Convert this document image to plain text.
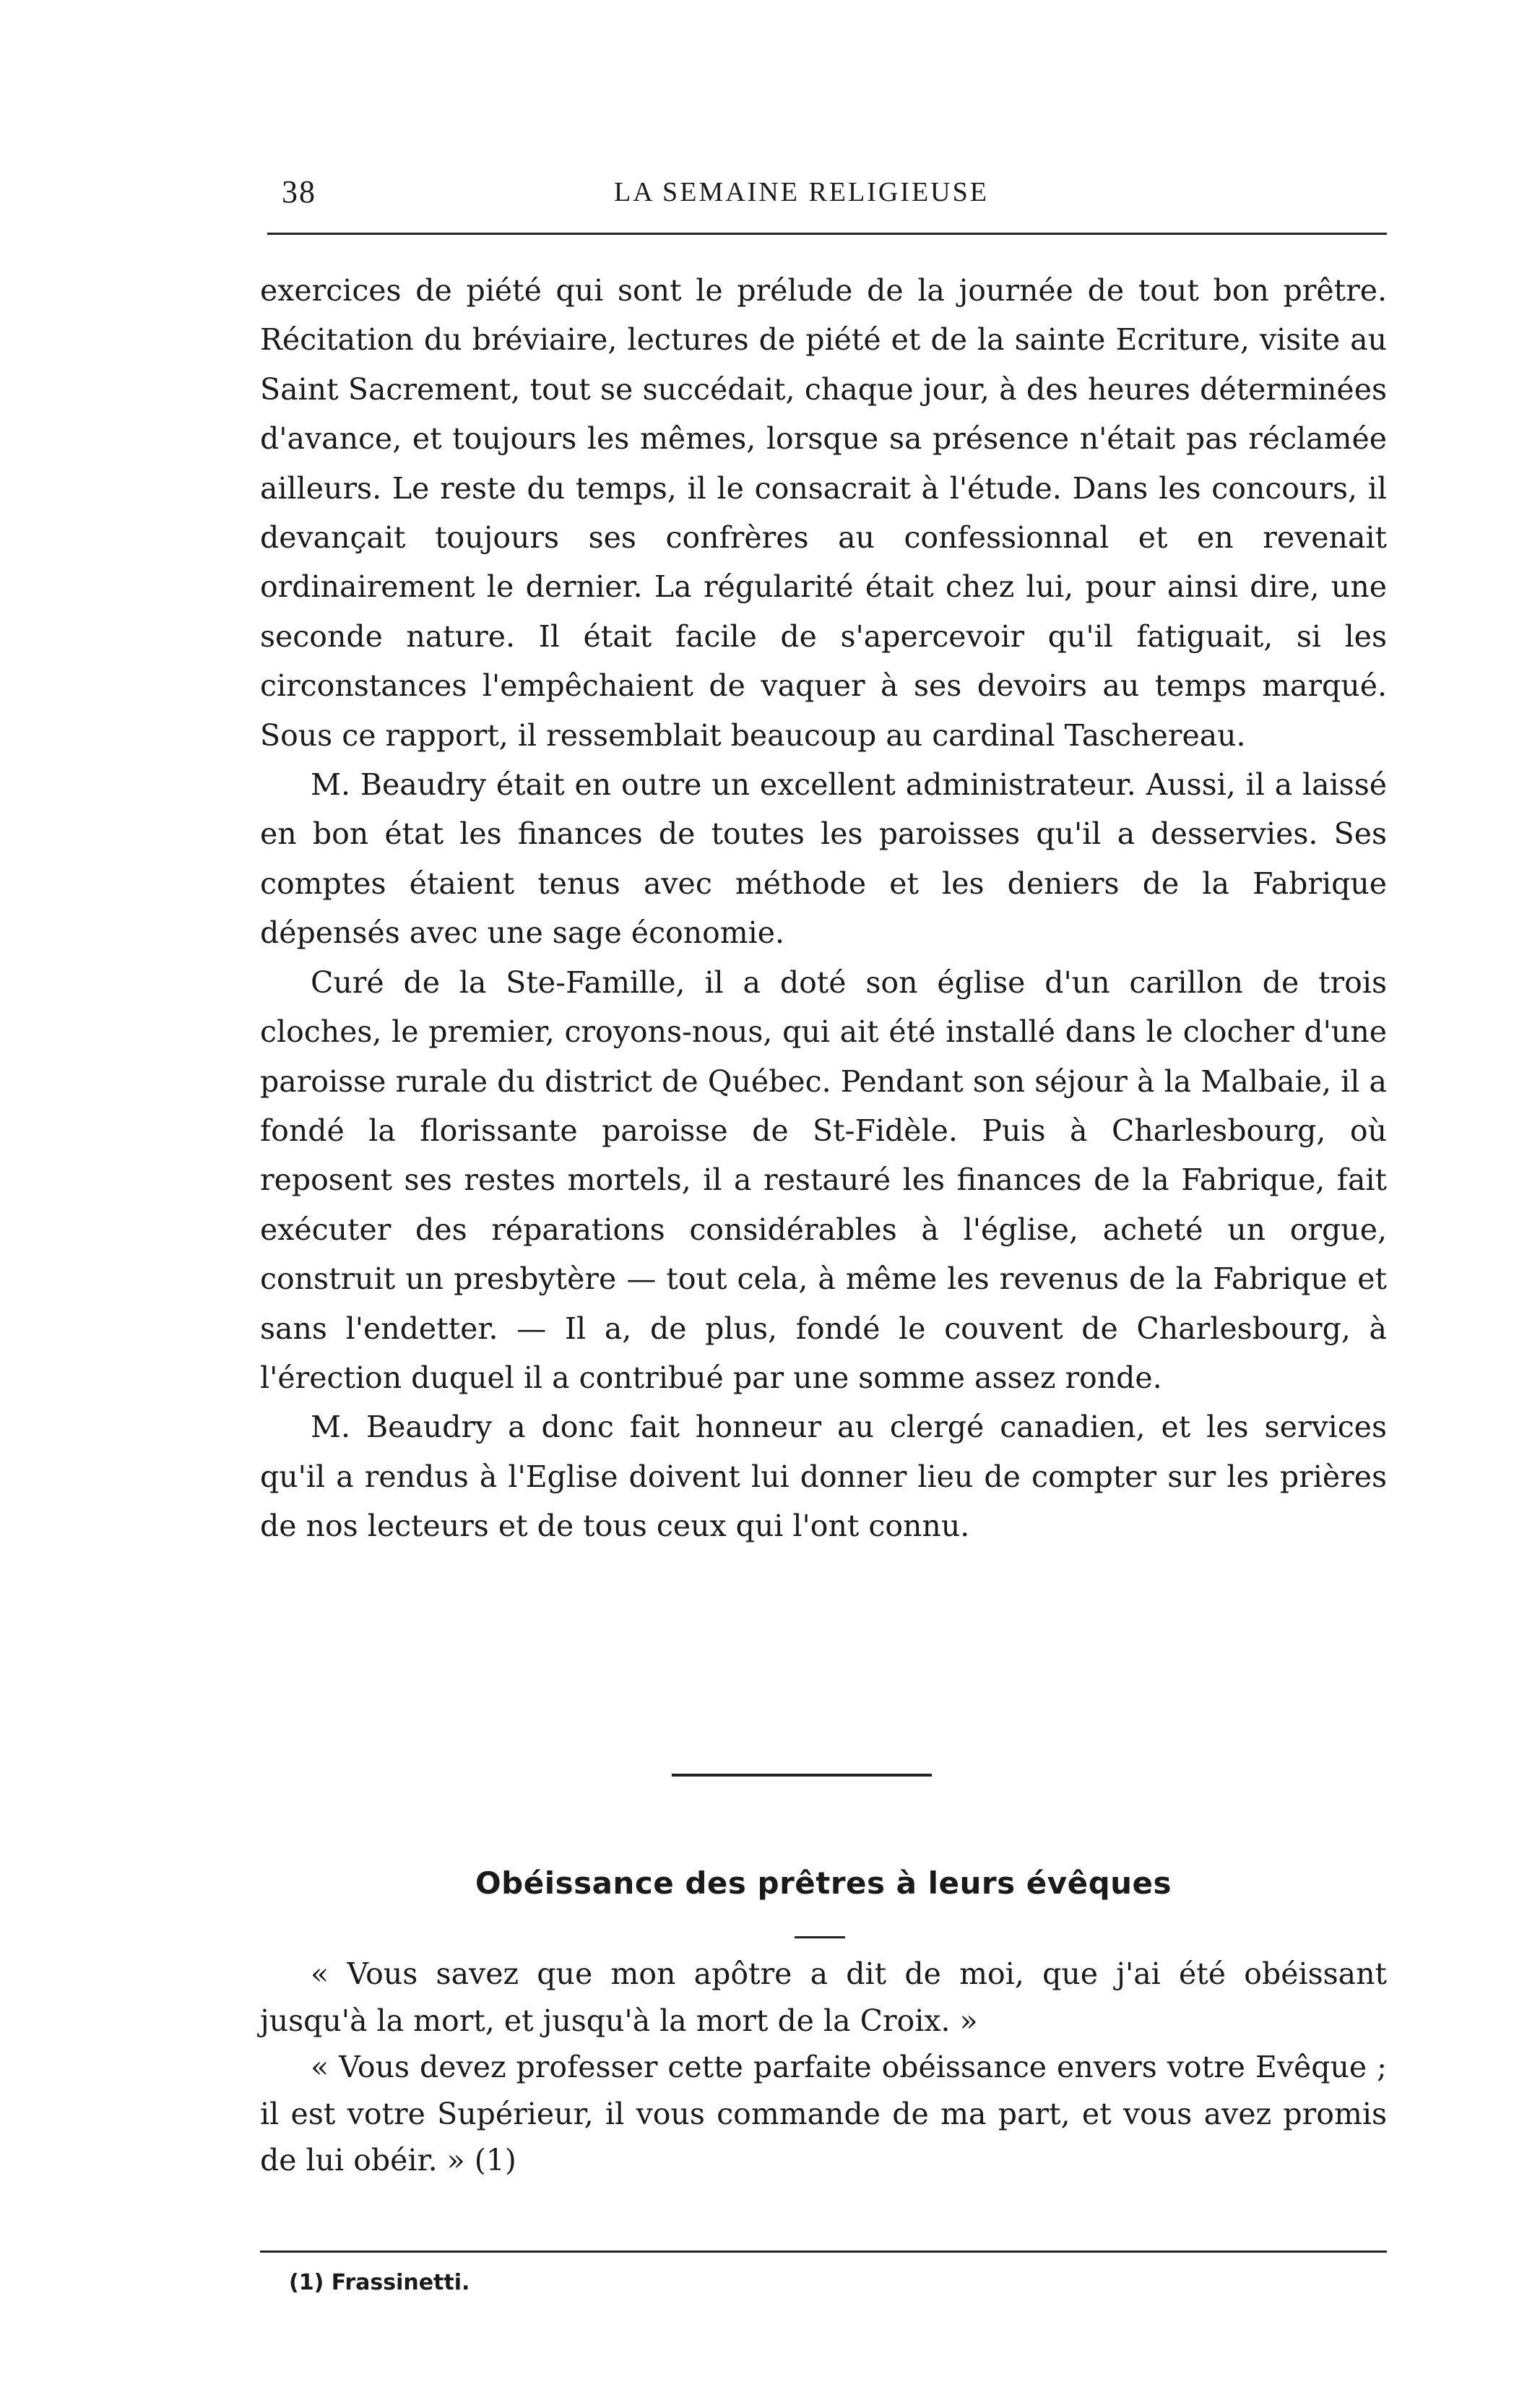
38	LA SEMAINE RELIGIEUSE

exercices de piété qui sont le prélude de la journée de tout bon prêtre. Récitation du bréviaire, lectures de piété et de la sainte Ecriture, visite au Saint Sacrement, tout se succédait, chaque jour, à des heures déterminées d'avance, et toujours les mêmes, lorsque sa présence n'était pas réclamée ailleurs. Le reste du temps, il le consacrait à l'étude. Dans les concours, il devançait toujours ses confrères au confessionnal et en revenait ordinairement le dernier. La régularité était chez lui, pour ainsi dire, une seconde nature. Il était facile de s'apercevoir qu'il fatiguait, si les circonstances l'empêchaient de vaquer à ses devoirs au temps marqué. Sous ce rapport, il ressemblait beaucoup au cardinal Taschereau.

M. Beaudry était en outre un excellent administrateur. Aussi, il a laissé en bon état les finances de toutes les paroisses qu'il a desservies. Ses comptes étaient tenus avec méthode et les deniers de la Fabrique dépensés avec une sage économie.

Curé de la Ste-Famille, il a doté son église d'un carillon de trois cloches, le premier, croyons-nous, qui ait été installé dans le clocher d'une paroisse rurale du district de Québec. Pendant son séjour à la Malbaie, il a fondé la florissante paroisse de St-Fidèle. Puis à Charlesbourg, où reposent ses restes mortels, il a restauré les finances de la Fabrique, fait exécuter des réparations considérables à l'église, acheté un orgue, construit un presbytère — tout cela, à même les revenus de la Fabrique et sans l'endetter. — Il a, de plus, fondé le couvent de Charlesbourg, à l'érection duquel il a contribué par une somme assez ronde.

M. Beaudry a donc fait honneur au clergé canadien, et les services qu'il a rendus à l'Eglise doivent lui donner lieu de compter sur les prières de nos lecteurs et de tous ceux qui l'ont connu.

Obéissance des prêtres à leurs évêques

« Vous savez que mon apôtre a dit de moi, que j'ai été obéissant jusqu'à la mort, et jusqu'à la mort de la Croix. »

« Vous devez professer cette parfaite obéissance envers votre Evêque ; il est votre Supérieur, il vous commande de ma part, et vous avez promis de lui obéir. » (1)

(1) Frassinetti.
